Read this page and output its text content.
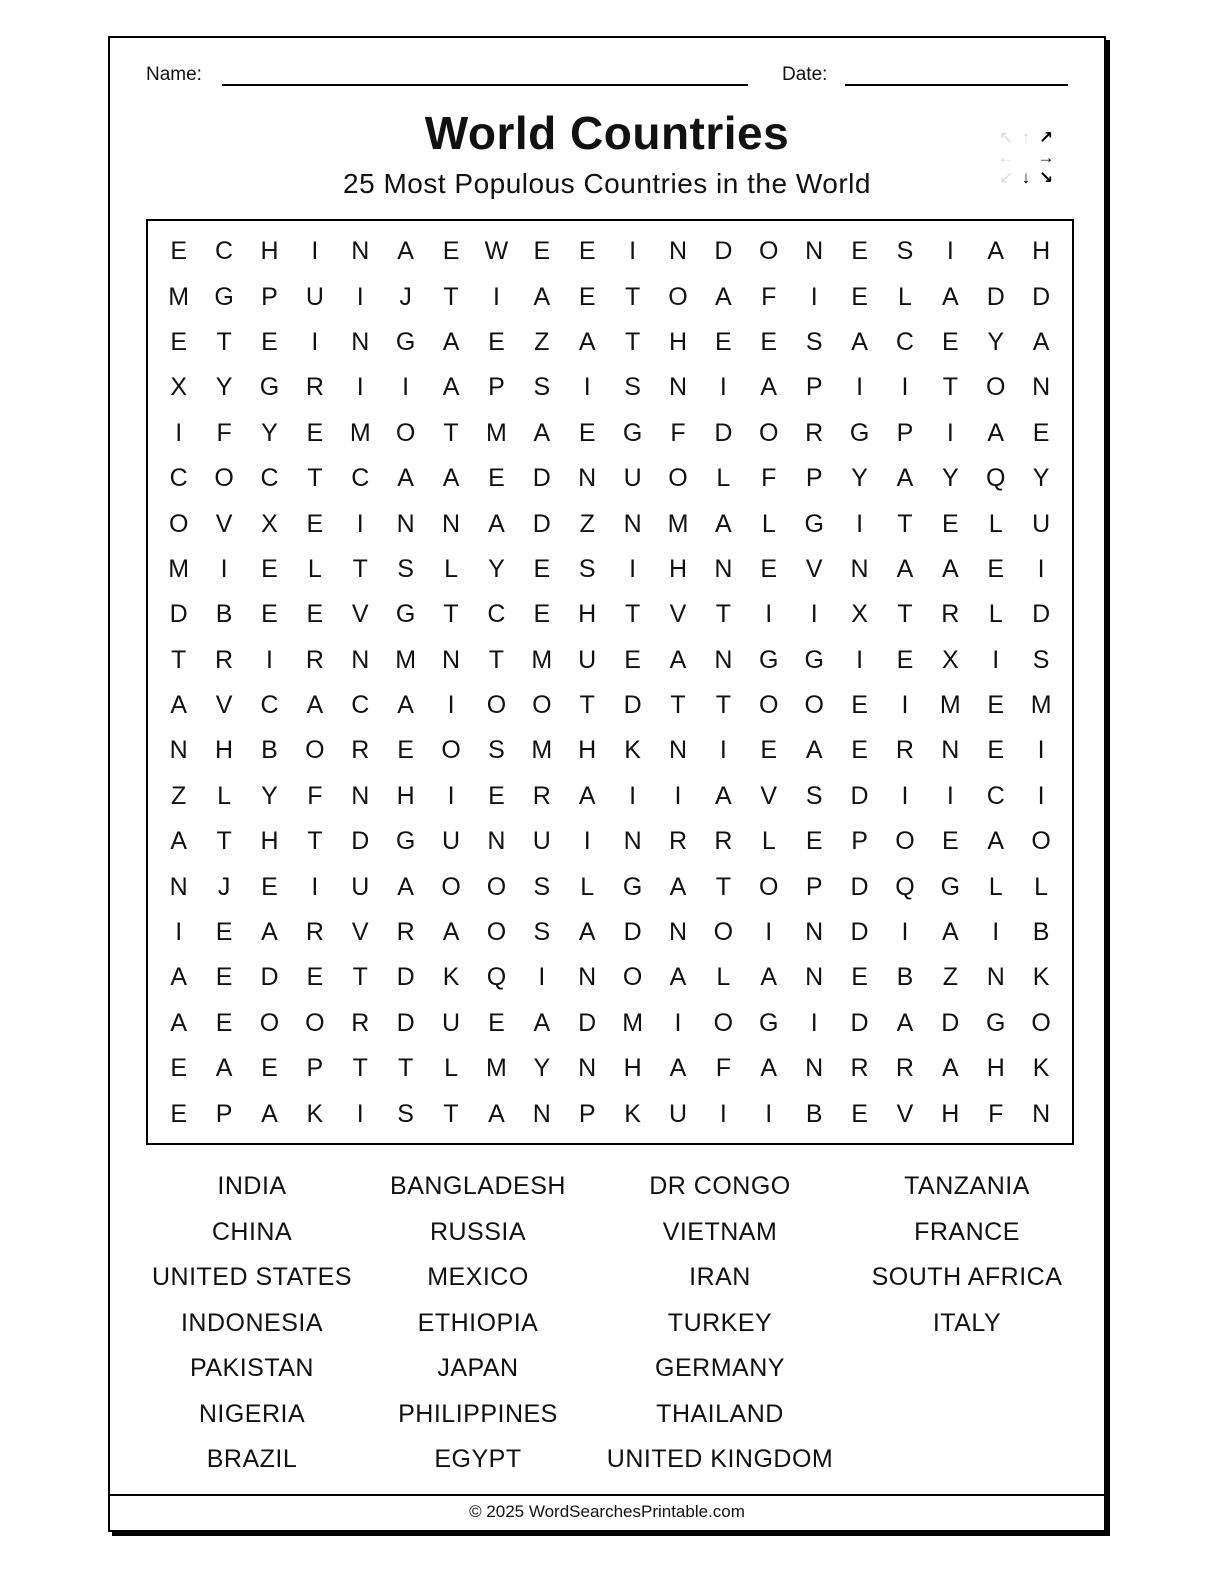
Name:	Date:
World Countries
25 Most Populous Countries in the World
↖ ↑ ↗
← →
↙ ↓ ↘
E	C	H	I	N	A	E	W	E	E	I	N	D	O	N	E	S	I	A	H
M	G	P	U	I	J	T	I	A	E	T	O	A	F	I	E	L	A	D	D
E	T	E	I	N	G	A	E	Z	A	T	H	E	E	S	A	C	E	Y	A
X	Y	G	R	I	I	A	P	S	I	S	N	I	A	P	I	I	T	O	N
I	F	Y	E	M	O	T	M	A	E	G	F	D	O	R	G	P	I	A	E
C	O	C	T	C	A	A	E	D	N	U	O	L	F	P	Y	A	Y	Q	Y
O	V	X	E	I	N	N	A	D	Z	N	M	A	L	G	I	T	E	L	U
M	I	E	L	T	S	L	Y	E	S	I	H	N	E	V	N	A	A	E	I
D	B	E	E	V	G	T	C	E	H	T	V	T	I	I	X	T	R	L	D
T	R	I	R	N	M	N	T	M	U	E	A	N	G	G	I	E	X	I	S
A	V	C	A	C	A	I	O	O	T	D	T	T	O	O	E	I	M	E	M
N	H	B	O	R	E	O	S	M	H	K	N	I	E	A	E	R	N	E	I
Z	L	Y	F	N	H	I	E	R	A	I	I	A	V	S	D	I	I	C	I
A	T	H	T	D	G	U	N	U	I	N	R	R	L	E	P	O	E	A	O
N	J	E	I	U	A	O	O	S	L	G	A	T	O	P	D	Q	G	L	L
I	E	A	R	V	R	A	O	S	A	D	N	O	I	N	D	I	A	I	B
A	E	D	E	T	D	K	Q	I	N	O	A	L	A	N	E	B	Z	N	K
A	E	O	O	R	D	U	E	A	D	M	I	O	G	I	D	A	D	G	O
E	A	E	P	T	T	L	M	Y	N	H	A	F	A	N	R	R	A	H	K
E	P	A	K	I	S	T	A	N	P	K	U	I	I	B	E	V	H	F	N
INDIA
CHINA
UNITED STATES
INDONESIA
PAKISTAN
NIGERIA
BRAZIL
BANGLADESH
RUSSIA
MEXICO
ETHIOPIA
JAPAN
PHILIPPINES
EGYPT
DR CONGO
VIETNAM
IRAN
TURKEY
GERMANY
THAILAND
UNITED KINGDOM
TANZANIA
FRANCE
SOUTH AFRICA
ITALY
© 2025 WordSearchesPrintable.com
